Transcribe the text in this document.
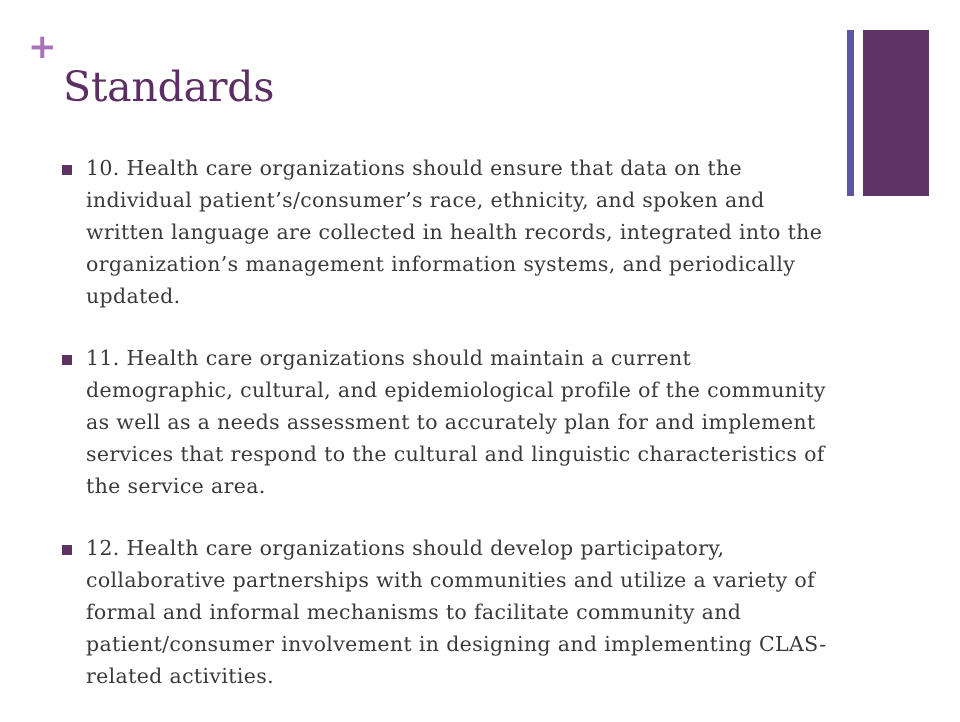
+
Standards
10. Health care organizations should ensure that data on the individual patient’s/consumer’s race, ethnicity, and spoken and written language are collected in health records, integrated into the organization’s management information systems, and periodically updated.
11. Health care organizations should maintain a current demographic, cultural, and epidemiological profile of the community as well as a needs assessment to accurately plan for and implement services that respond to the cultural and linguistic characteristics of the service area.
12. Health care organizations should develop participatory, collaborative partnerships with communities and utilize a variety of formal and informal mechanisms to facilitate community and patient/consumer involvement in designing and implementing CLAS-related activities.
